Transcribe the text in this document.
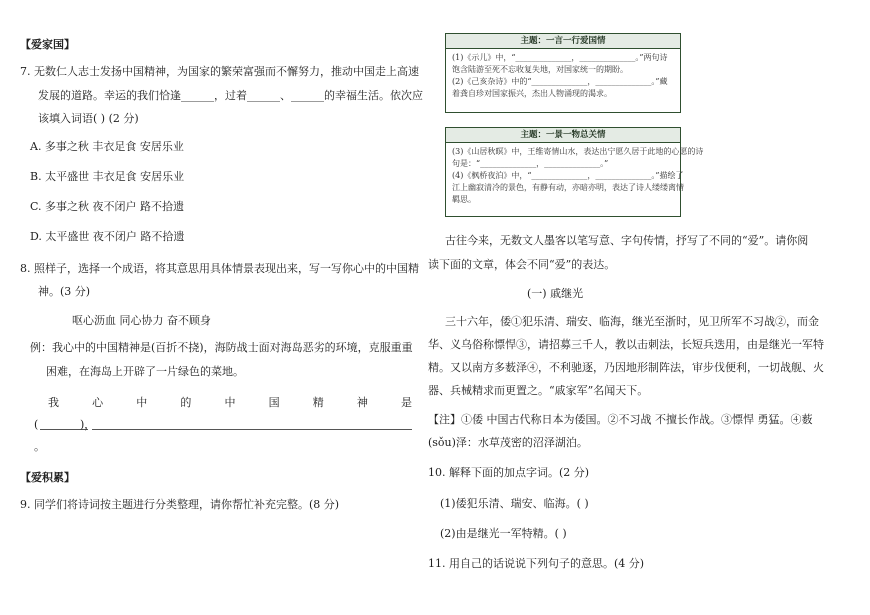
【爱家国】
7. 无数仁人志士发扬中国精神，为国家的繁荣富强而不懈努力，推动中国走上高速
发展的道路。幸运的我们恰逢______，过着______、______的幸福生活。依次应
该填入词语( ) (2 分)
A. 多事之秋 丰衣足食 安居乐业
B. 太平盛世 丰衣足食 安居乐业
C. 多事之秋 夜不闭户 路不拾遗
D. 太平盛世 夜不闭户 路不拾遗
8. 照样子，选择一个成语，将其意思用具体情景表现出来，写一写你心中的中国精
神。(3 分)
呕心沥血 同心协力 奋不顾身
例：我心中的中国精神是(百折不挠)，海防战士面对海岛恶劣的环境，克服重重
困难，在海岛上开辟了一片绿色的菜地。
我	心	中	的	中	国	精	神	是
(	)，
。
【爱积累】
9. 同学们将诗词按主题进行分类整理，请你帮忙补充完整。(8 分)
主题：一言一行爱国情
(1)《示儿》中，“______________，______________。”两句诗
饱含陆游至死不忘收复失地，对国家统一的期盼。
(2)《己亥杂诗》中的“______________，______________。”藏
着龚自珍对国家振兴，杰出人物涌现的渴求。
主题：一景一物总关情
(3)《山居秋暝》中，王维寄情山水，表达出宁愿久居于此地的心愿的诗
句是：“______________，______________。”
(4)《枫桥夜泊》中，“______________，______________。”描绘了
江上幽寂清冷的景色，有静有动，亦暗亦明，表达了诗人缕缕离情
羁思。
古往今来，无数文人墨客以笔写意、字句传情，抒写了不同的“爱”。请你阅
读下面的文章，体会不同“爱”的表达。
(一) 戚继光
三十六年，倭①犯乐清、瑞安、临海，继光至浙时，见卫所军不习战②，而金
华、义乌俗称慓悍③，请招募三千人，教以击刺法，长短兵迭用，由是继光一军特
精。又以南方多薮泽④，不利驰逐，乃因地形制阵法，审步伐便利，一切战舰、火
器、兵械精求而更置之。“戚家军”名闻天下。
【注】①倭 中国古代称日本为倭国。②不习战 不擅长作战。③慓悍 勇猛。④薮
(sǒu)泽：水草茂密的沼泽湖泊。
10. 解释下面的加点字词。(2 分)
(1)倭犯乐清、瑞安、临海。( )
(2)由是继光一军特精。( )
11. 用自己的话说说下列句子的意思。(4 分)
